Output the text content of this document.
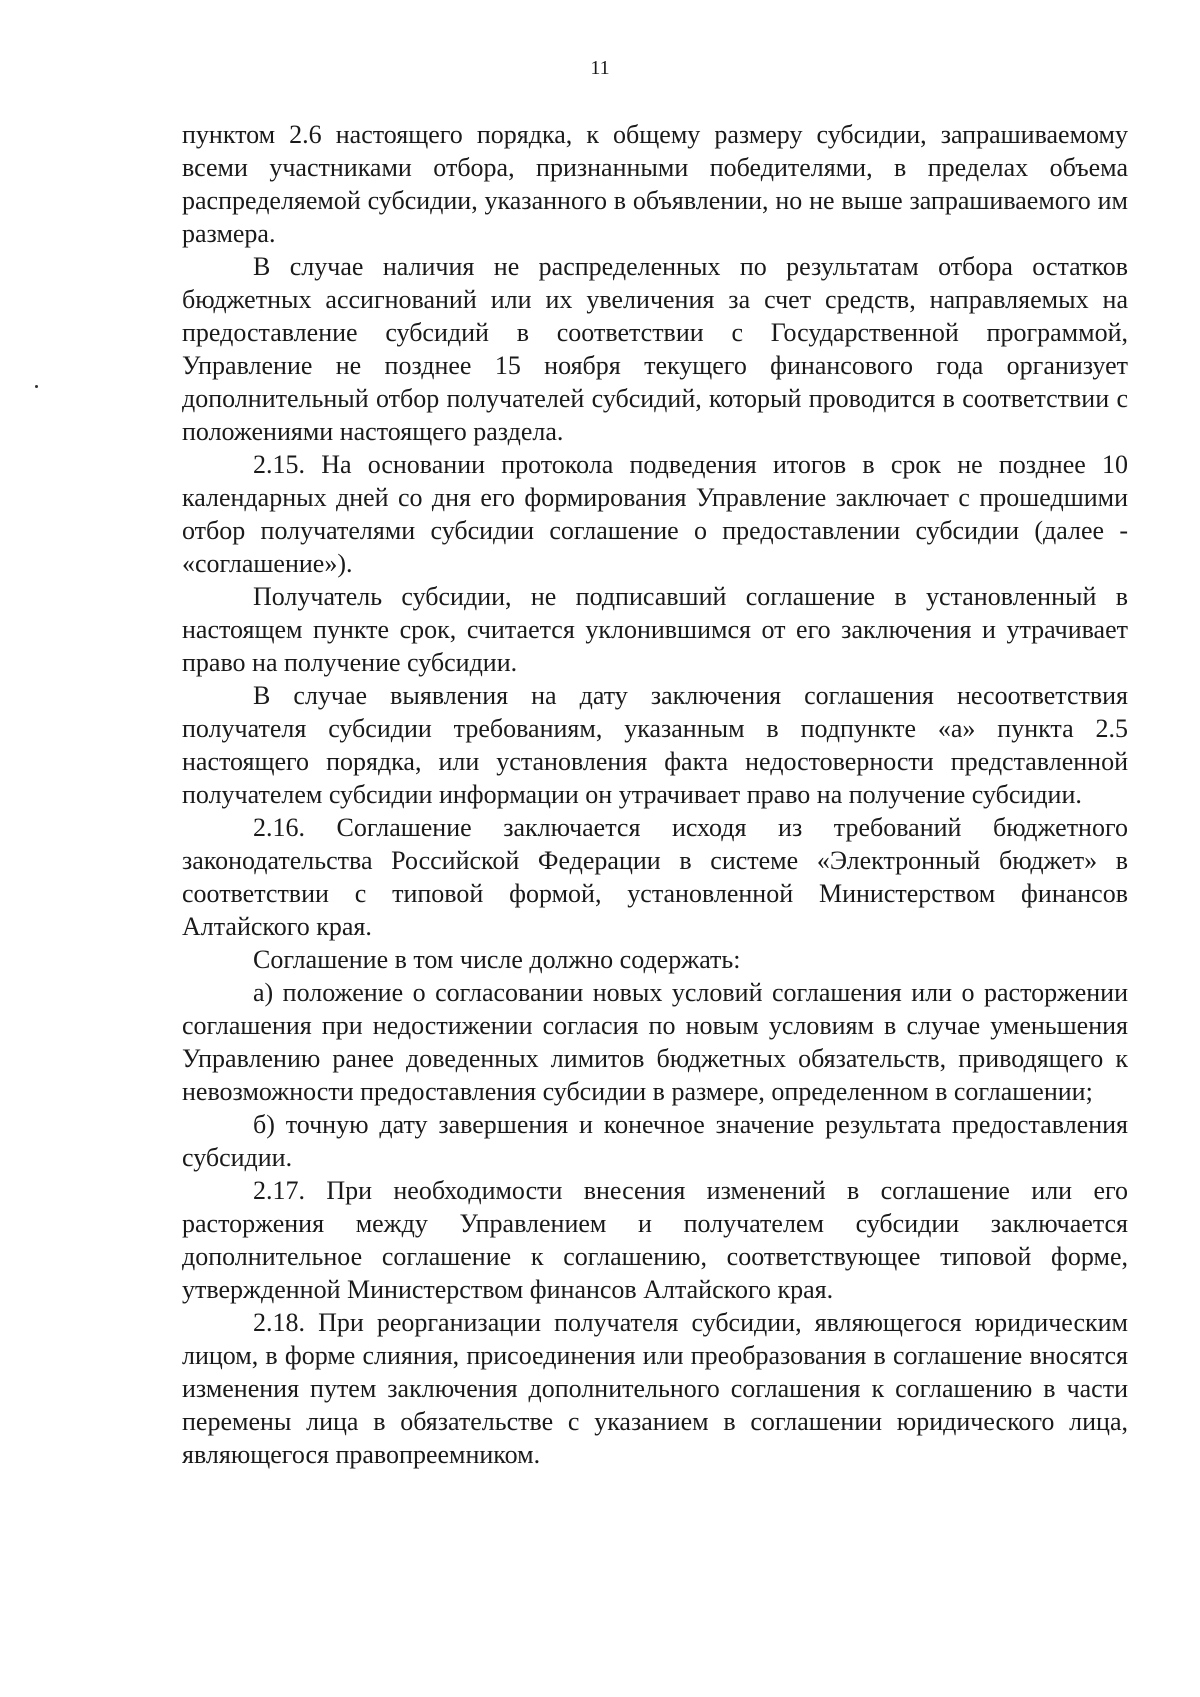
11

пунктом 2.6 настоящего порядка, к общему размеру субсидии, запрашиваемому всеми участниками отбора, признанными победителями, в пределах объема распределяемой субсидии, указанного в объявлении, но не выше запрашиваемого им размера.

В случае наличия не распределенных по результатам отбора остатков бюджетных ассигнований или их увеличения за счет средств, направляемых на предоставление субсидий в соответствии с Государственной программой, Управление не позднее 15 ноября текущего финансового года организует дополнительный отбор получателей субсидий, который проводится в соответствии с положениями настоящего раздела.

2.15. На основании протокола подведения итогов в срок не позднее 10 календарных дней со дня его формирования Управление заключает с прошедшими отбор получателями субсидии соглашение о предоставлении субсидии (далее - «соглашение»).

Получатель субсидии, не подписавший соглашение в установленный в настоящем пункте срок, считается уклонившимся от его заключения и утрачивает право на получение субсидии.

В случае выявления на дату заключения соглашения несоответствия получателя субсидии требованиям, указанным в подпункте «а» пункта 2.5 настоящего порядка, или установления факта недостоверности представленной получателем субсидии информации он утрачивает право на получение субсидии.

2.16. Соглашение заключается исходя из требований бюджетного законодательства Российской Федерации в системе «Электронный бюджет» в соответствии с типовой формой, установленной Министерством финансов Алтайского края.

Соглашение в том числе должно содержать:

а) положение о согласовании новых условий соглашения или о расторжении соглашения при недостижении согласия по новым условиям в случае уменьшения Управлению ранее доведенных лимитов бюджетных обязательств, приводящего к невозможности предоставления субсидии в размере, определенном в соглашении;

б) точную дату завершения и конечное значение результата предоставления субсидии.

2.17. При необходимости внесения изменений в соглашение или его расторжения между Управлением и получателем субсидии заключается дополнительное соглашение к соглашению, соответствующее типовой форме, утвержденной Министерством финансов Алтайского края.

2.18. При реорганизации получателя субсидии, являющегося юридическим лицом, в форме слияния, присоединения или преобразования в соглашение вносятся изменения путем заключения дополнительного соглашения к соглашению в части перемены лица в обязательстве с указанием в соглашении юридического лица, являющегося правопреемником.
